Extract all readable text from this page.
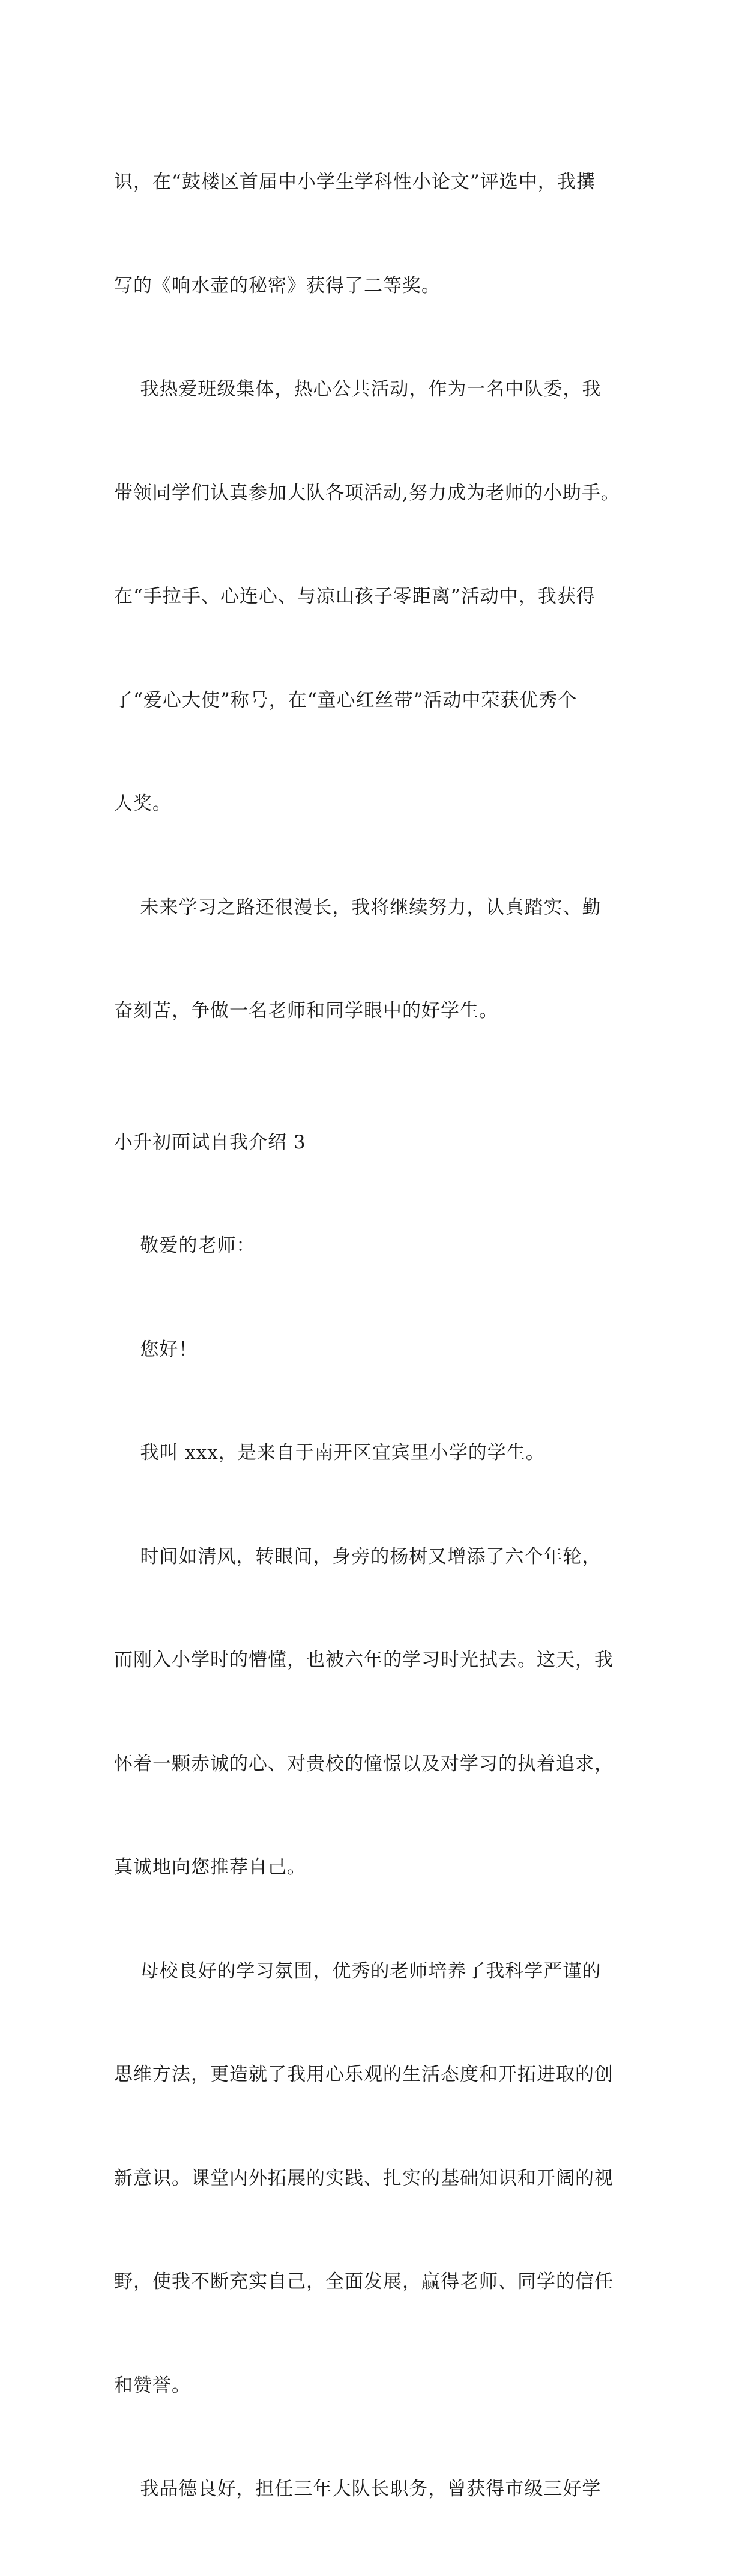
识，在“鼓楼区首届中小学生学科性小论文”评选中，我撰

写的《响水壶的秘密》获得了二等奖。

我热爱班级集体，热心公共活动，作为一名中队委，我

带领同学们认真参加大队各项活动,努力成为老师的小助手。

在“手拉手、心连心、与凉山孩子零距离”活动中，我获得

了“爱心大使”称号，在“童心红丝带”活动中荣获优秀个

人奖。

未来学习之路还很漫长，我将继续努力，认真踏实、勤

奋刻苦，争做一名老师和同学眼中的好学生。

小升初面试自我介绍 3

敬爱的老师：

您好！

我叫 xxx，是来自于南开区宜宾里小学的学生。

时间如清风，转眼间，身旁的杨树又增添了六个年轮，

而刚入小学时的懵懂，也被六年的学习时光拭去。这天，我

怀着一颗赤诚的心、对贵校的憧憬以及对学习的执着追求，

真诚地向您推荐自己。

母校良好的学习氛围，优秀的老师培养了我科学严谨的

思维方法，更造就了我用心乐观的生活态度和开拓进取的创

新意识。课堂内外拓展的实践、扎实的基础知识和开阔的视

野，使我不断充实自己，全面发展，赢得老师、同学的信任

和赞誉。

我品德良好，担任三年大队长职务，曾获得市级三好学
